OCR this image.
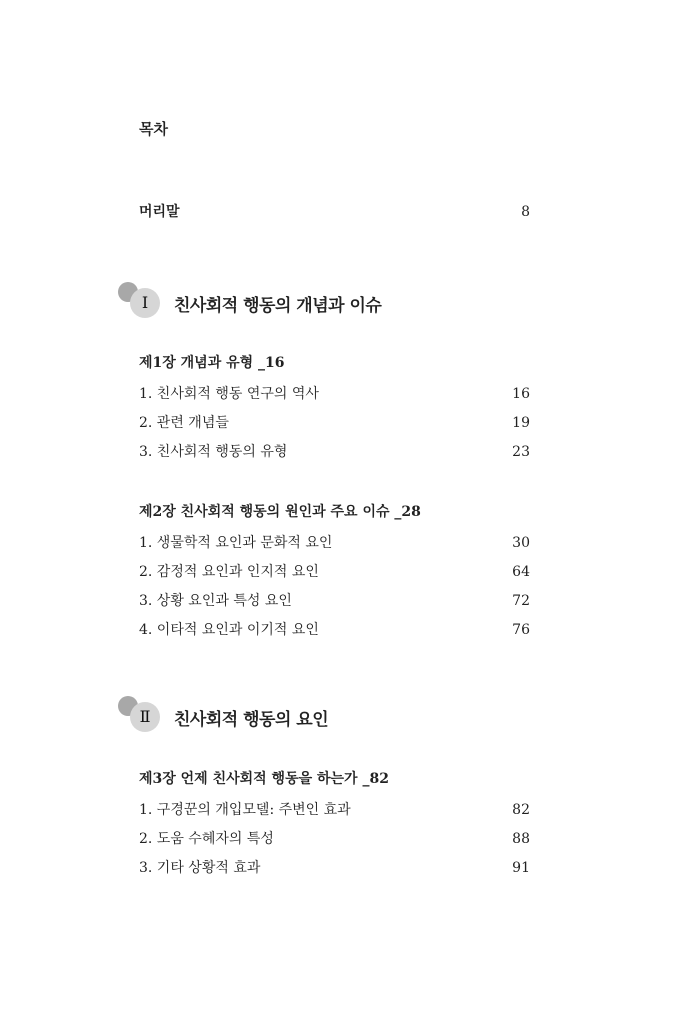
목차
머리말	8
I	친사회적 행동의 개념과 이슈
제1장 개념과 유형 _16
1. 친사회적 행동 연구의 역사	16
2. 관련 개념들	19
3. 친사회적 행동의 유형	23
제2장 친사회적 행동의 원인과 주요 이슈 _28
1. 생물학적 요인과 문화적 요인	30
2. 감정적 요인과 인지적 요인	64
3. 상황 요인과 특성 요인	72
4. 이타적 요인과 이기적 요인	76
Ⅱ	친사회적 행동의 요인
제3장 언제 친사회적 행동을 하는가 _82
1. 구경꾼의 개입모델: 주변인 효과	82
2. 도움 수혜자의 특성	88
3. 기타 상황적 효과	91
